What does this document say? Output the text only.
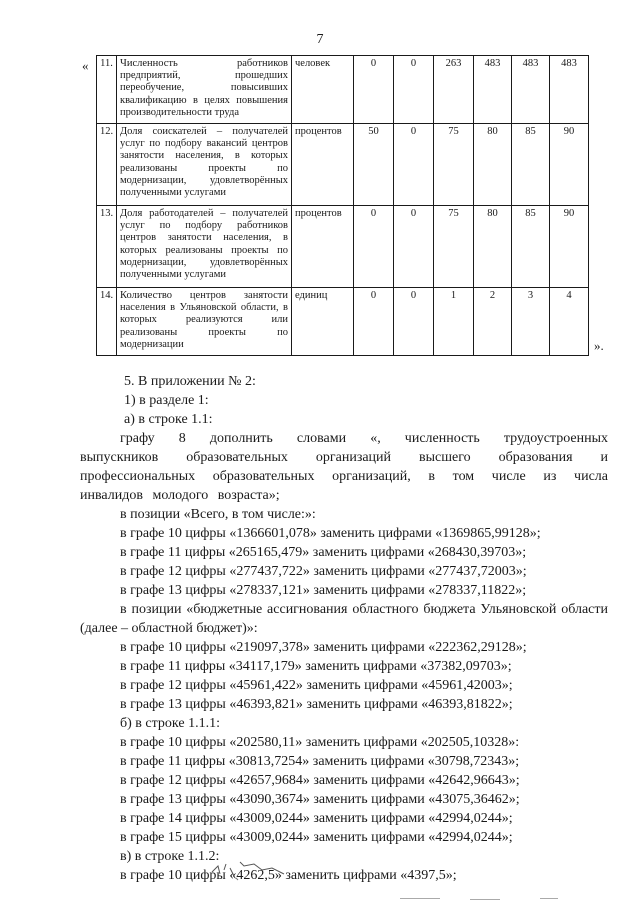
7
« 11.	Численность работников предприятий, прошедших переобучение, повысивших квалификацию в целях повышения производительности труда	человек	0	0	263	483	483	483
12.	Доля соискателей – получателей услуг по подбору вакансий центров занятости населения, в которых реализованы проекты по модернизации, удовлетворённых полученными услугами	процентов	50	0	75	80	85	90
13.	Доля работодателей – получателей услуг по подбору работников центров занятости населения, в которых реализованы проекты по модернизации, удовлетворённых полученными услугами	процентов	0	0	75	80	85	90
14.	Количество центров занятости населения в Ульяновской области, в которых реализуются или реализованы проекты по модернизации	единиц	0	0	1	2	3	4
».

5. В приложении № 2:

1) в разделе 1:

а) в строке 1.1:

графу 8 дополнить словами «, численность трудоустроенных выпускников образовательных организаций высшего образования и профессиональных образовательных организаций, в том числе из числа инвалидов молодого возраста»;

в позиции «Всего, в том числе:»:

в графе 10 цифры «1366601,078» заменить цифрами «1369865,99128»;

в графе 11 цифры «265165,479» заменить цифрами «268430,39703»;

в графе 12 цифры «277437,722» заменить цифрами «277437,72003»;

в графе 13 цифры «278337,121» заменить цифрами «278337,11822»;

в позиции «бюджетные ассигнования областного бюджета Ульяновской области (далее – областной бюджет)»:

в графе 10 цифры «219097,378» заменить цифрами «222362,29128»;

в графе 11 цифры «34117,179» заменить цифрами «37382,09703»;

в графе 12 цифры «45961,422» заменить цифрами «45961,42003»;

в графе 13 цифры «46393,821» заменить цифрами «46393,81822»;

б) в строке 1.1.1:

в графе 10 цифры «202580,11» заменить цифрами «202505,10328»:

в графе 11 цифры «30813,7254» заменить цифрами «30798,72343»;

в графе 12 цифры «42657,9684» заменить цифрами «42642,96643»;

в графе 13 цифры «43090,3674» заменить цифрами «43075,36462»;

в графе 14 цифры «43009,0244» заменить цифрами «42994,0244»;

в графе 15 цифры «43009,0244» заменить цифрами «42994,0244»;

в) в строке 1.1.2:

в графе 10 цифры «4262,5» заменить цифрами «4397,5»;
